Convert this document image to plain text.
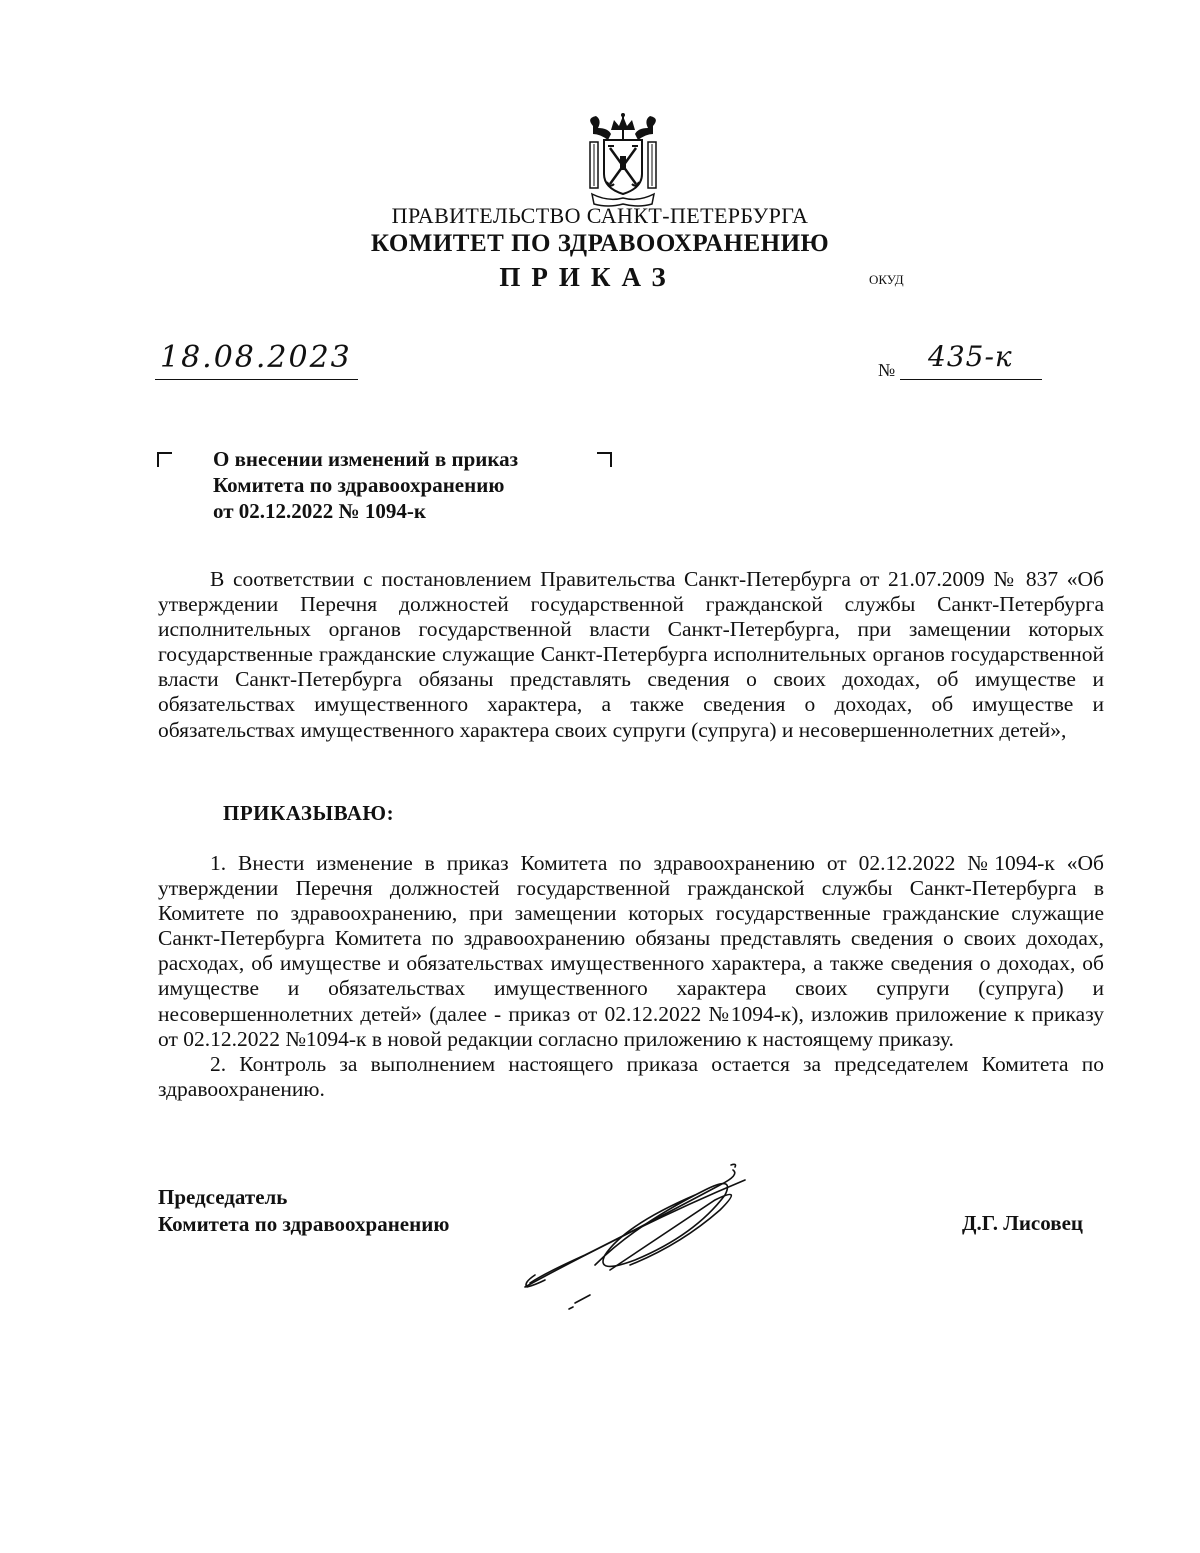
ПРАВИТЕЛЬСТВО САНКТ-ПЕТЕРБУРГА
КОМИТЕТ ПО ЗДРАВООХРАНЕНИЮ
ПРИКАЗ	ОКУД
18.08.2023	№ 435-к
О внесении изменений в приказ
Комитета по здравоохранению
от 02.12.2022 № 1094-к

В соответствии с постановлением Правительства Санкт-Петербурга от 21.07.2009 № 837 «Об утверждении Перечня должностей государственной гражданской службы Санкт-Петербурга исполнительных органов государственной власти Санкт-Петербурга, при замещении которых государственные гражданские служащие Санкт-Петербурга исполнительных органов государственной власти Санкт-Петербурга обязаны представлять сведения о своих доходах, об имуществе и обязательствах имущественного характера, а также сведения о доходах, об имуществе и обязательствах имущественного характера своих супруги (супруга) и несовершеннолетних детей»,

ПРИКАЗЫВАЮ:

1. Внести изменение в приказ Комитета по здравоохранению от 02.12.2022 №1094-к «Об утверждении Перечня должностей государственной гражданской службы Санкт-Петербурга в Комитете по здравоохранению, при замещении которых государственные гражданские служащие Санкт-Петербурга Комитета по здравоохранению обязаны представлять сведения о своих доходах, расходах, об имуществе и обязательствах имущественного характера, а также сведения о доходах, об имуществе и обязательствах имущественного характера своих супруги (супруга) и несовершеннолетних детей» (далее - приказ от 02.12.2022 №1094-к), изложив приложение к приказу от 02.12.2022 №1094-к в новой редакции согласно приложению к настоящему приказу.

2. Контроль за выполнением настоящего приказа остается за председателем Комитета по здравоохранению.

Председатель
Комитета по здравоохранению	Д.Г. Лисовец
